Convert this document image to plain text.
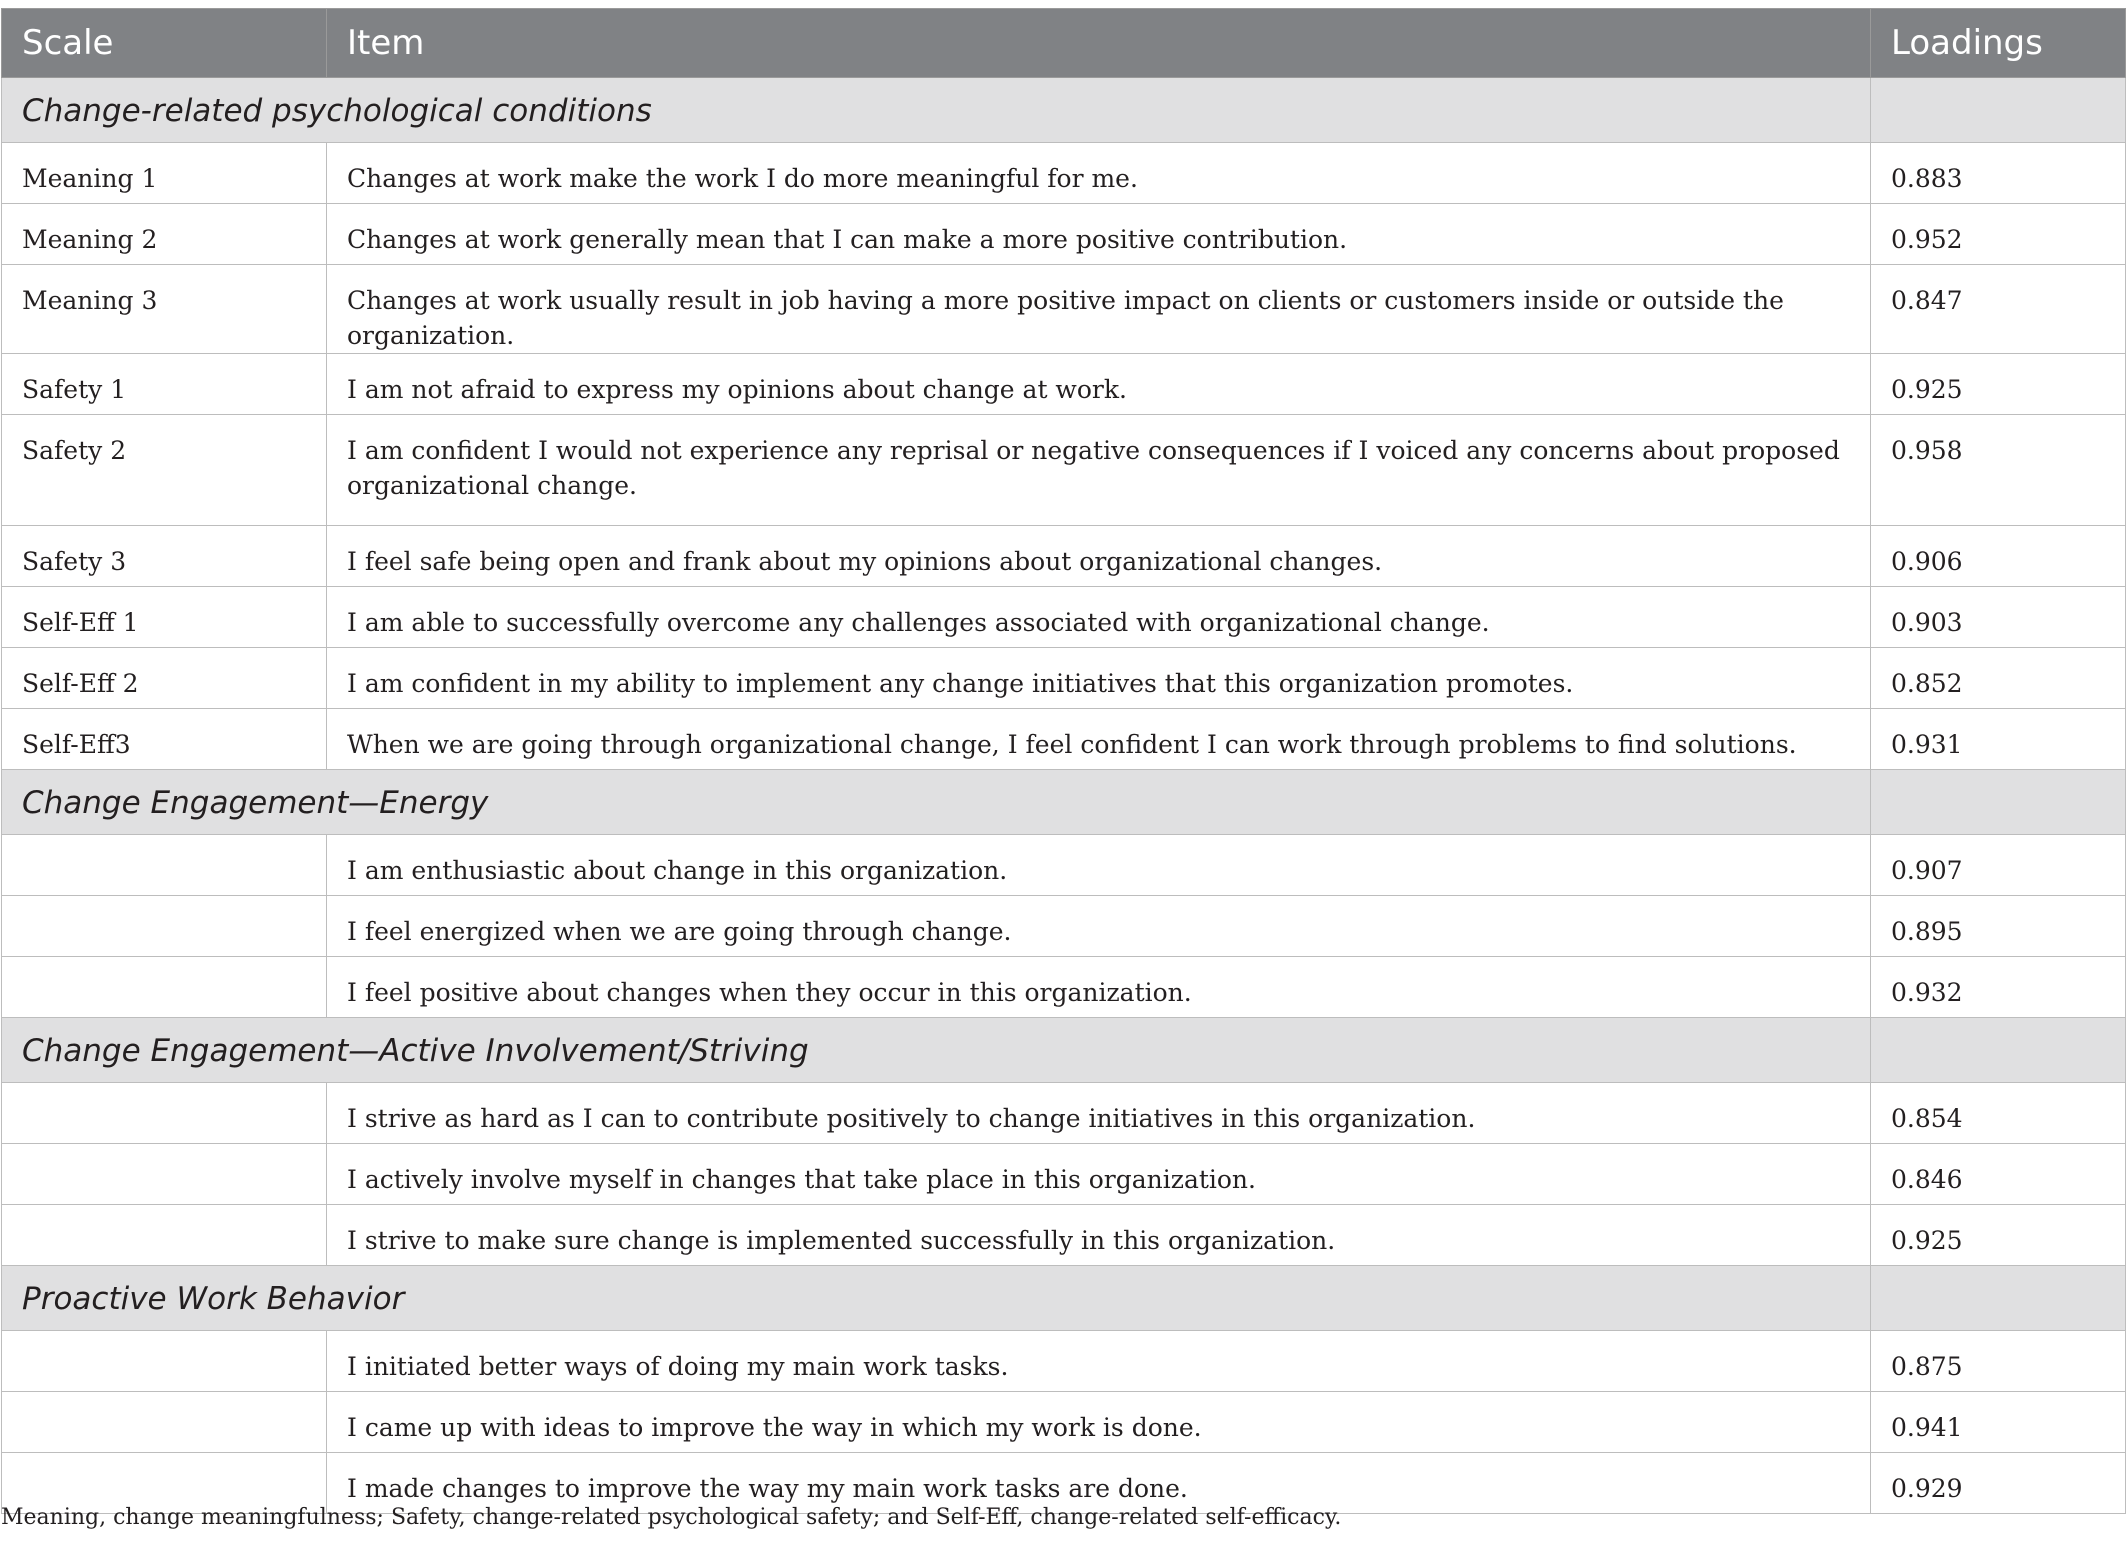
Scale	Item	Loadings
Change-related psychological conditions		
Meaning 1	Changes at work make the work I do more meaningful for me.	0.883
Meaning 2	Changes at work generally mean that I can make a more positive contribution.	0.952
Meaning 3	Changes at work usually result in job having a more positive impact on clients or customers inside or outside the organization.	0.847
Safety 1	I am not afraid to express my opinions about change at work.	0.925
Safety 2	I am confident I would not experience any reprisal or negative consequences if I voiced any concerns about proposed organizational change.	0.958
Safety 3	I feel safe being open and frank about my opinions about organizational changes.	0.906
Self-Eff 1	I am able to successfully overcome any challenges associated with organizational change.	0.903
Self-Eff 2	I am confident in my ability to implement any change initiatives that this organization promotes.	0.852
Self-Eff3	When we are going through organizational change, I feel confident I can work through problems to find solutions.	0.931
Change Engagement—Energy		
	I am enthusiastic about change in this organization.	0.907
	I feel energized when we are going through change.	0.895
	I feel positive about changes when they occur in this organization.	0.932
Change Engagement—Active Involvement/Striving		
	I strive as hard as I can to contribute positively to change initiatives in this organization.	0.854
	I actively involve myself in changes that take place in this organization.	0.846
	I strive to make sure change is implemented successfully in this organization.	0.925
Proactive Work Behavior		
	I initiated better ways of doing my main work tasks.	0.875
	I came up with ideas to improve the way in which my work is done.	0.941
	I made changes to improve the way my main work tasks are done.	0.929
Meaning, change meaningfulness; Safety, change-related psychological safety; and Self-Eff, change-related self-efficacy.
